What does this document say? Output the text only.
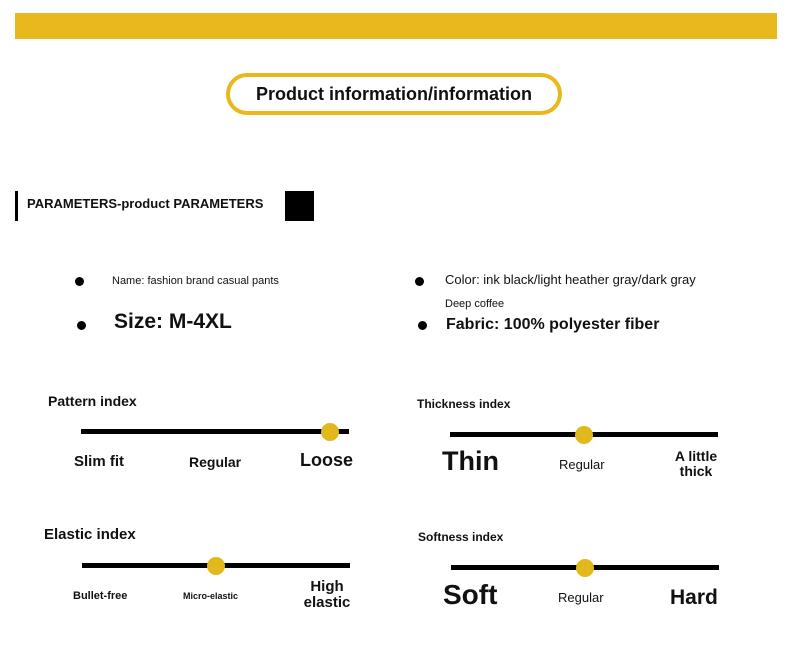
Product information/information
PARAMETERS-product PARAMETERS
Name: fashion brand casual pants
Size: M-4XL
Color: ink black/light heather gray/dark gray
Deep coffee
Fabric: 100% polyester fiber
Pattern index
Slim fit	Regular	Loose
Thickness index
Thin	Regular
A little
thick
Elastic index
Bullet-free	Micro-elastic
High
elastic
Softness index
Soft	Regular	Hard
